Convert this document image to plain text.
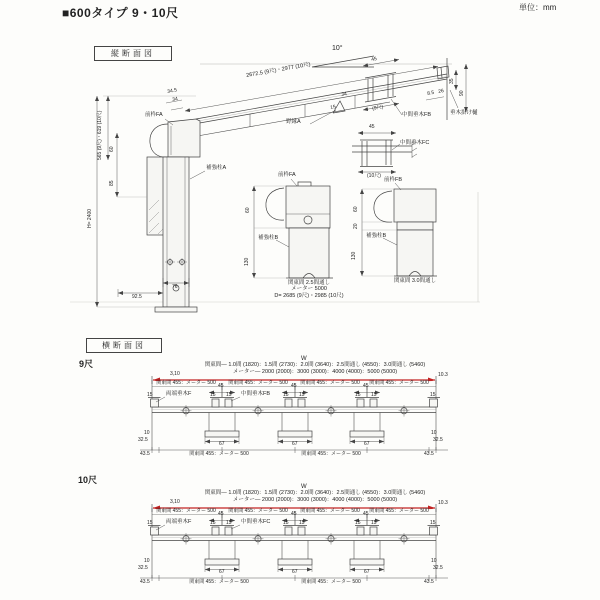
■600タイプ 9・10尺	単位：mm
縦断面図
10°
2672.5 (9尺)・2977 (10尺)
34.5
34
前枠FA
補強柱A
野縁A
34
15
45
(9尺)
中間垂木FB
8.5 26
35
90
垂木掛け樋
45
(10尺)
中間垂木FC
565 (9尺)・619 (10尺) 60
85
H= 2400
76
92.5
前枠FA
60
130
補強柱B
関東間 2.5間通し
メーター 5000
D= 2685 (9尺)・2985 (10尺)
前枠FB
60
20
130
補強柱B
関東間 3.0間通し
横断面図
9尺	関東間— 1.0間 (1820)：1.5間 (2730)：2.0間 (3640)：2.5間通し (4550)：3.0間通し (5460)
メーター— 2000 (2000)：3000 (3000)：4000 (4000)：5000 (5000)
W
3,10	10.3
関東間 455：メーター 500	関東間 455：メーター 500	関東間 455：メーター 500	関東間 455：メーター 500
15 両端垂木F	15 15 中間垂木FB	15 15	15 15	15
45	45	45
67	67	67
10
32.5
10
32.5
43.5	43.5
関東間 455：メーター 500	関東間 455：メーター 500
10尺
関東間— 1.0間 (1820)：1.5間 (2730)：2.0間 (3640)：2.5間通し (4550)：3.0間通し (5460)
メーター— 2000 (2000)：3000 (3000)：4000 (4000)：5000 (5000)
W
3,10	10.3
関東間 455：メーター 500	関東間 455：メーター 500	関東間 455：メーター 500	関東間 455：メーター 500
15 両端垂木F	15 15 中間垂木FC	15 15	15 15	15
45	45	45
67	67	67
10
32.5
10
32.5
43.5	43.5
関東間 455：メーター 500	関東間 455：メーター 500
